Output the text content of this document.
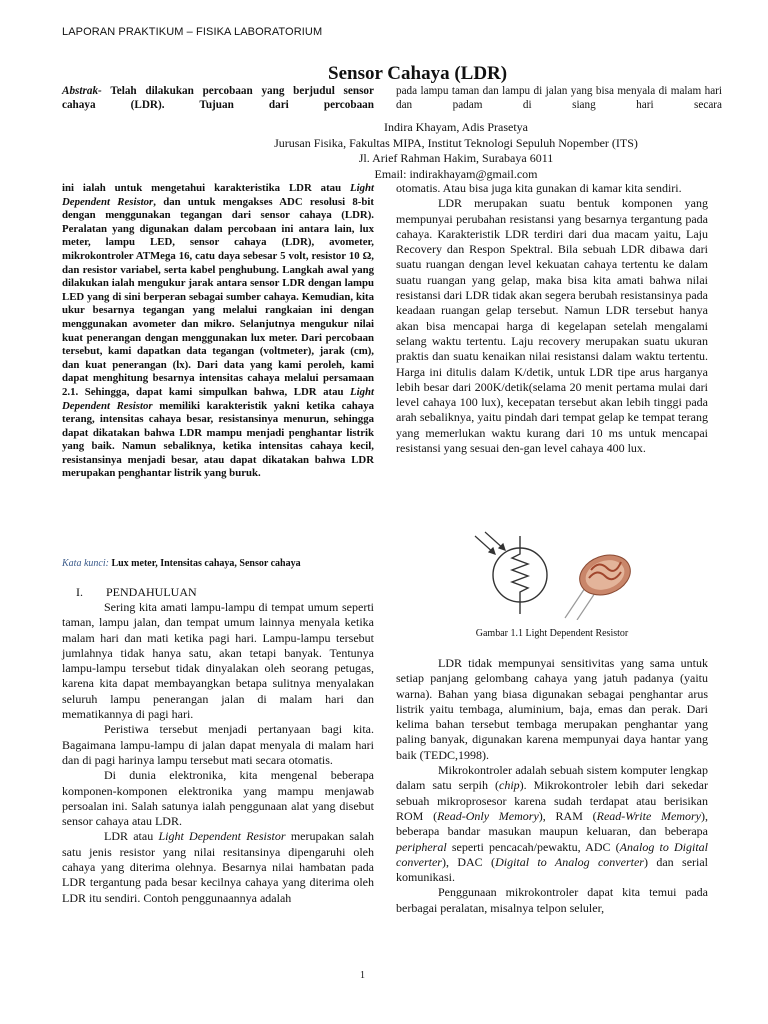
LAPORAN PRAKTIKUM – FISIKA LABORATORIUM
Sensor Cahaya (LDR)
Abstrak- Telah dilakukan percobaan yang berjudul sensor cahaya (LDR). Tujuan dari percobaan
pada lampu taman dan lampu di jalan yang bisa menyala di malam hari dan padam di siang hari secara
Indira Khayam, Adis Prasetya
Jurusan Fisika, Fakultas MIPA, Institut Teknologi Sepuluh Nopember (ITS)
Jl. Arief Rahman Hakim, Surabaya 6011
Email: indirakhayam@gmail.com

ini ialah untuk mengetahui karakteristika LDR atau Light Dependent Resistor, dan untuk mengakses ADC resolusi 8-bit dengan menggunakan tegangan dari sensor cahaya (LDR). Peralatan yang digunakan dalam percobaan ini antara lain, lux meter, lampu LED, sensor cahaya (LDR), avometer, mikrokontroler ATMega 16, catu daya sebesar 5 volt, resistor 10 Ω, dan resistor variabel, serta kabel penghubung. Langkah awal yang dilakukan ialah mengukur jarak antara sensor LDR dengan lampu LED yang di sini berperan sebagai sumber cahaya. Kemudian, kita ukur besarnya tegangan yang melalui rangkaian ini dengan menggunakan avometer dan mikro. Selanjutnya mengukur nilai kuat penerangan dengan menggunakan lux meter. Dari percobaan tersebut, kami dapatkan data tegangan (voltmeter), jarak (cm), dan kuat penerangan (lx). Dari data yang kami peroleh, kami dapat menghitung besarnya intensitas cahaya melalui persamaan 2.1. Sehingga, dapat kami simpulkan bahwa, LDR atau Light Dependent Resistor memiliki karakteristik yakni ketika cahaya terang, intensitas cahaya besar, resistansinya menurun, sehingga dapat dikatakan bahwa LDR mampu menjadi penghantar listrik yang baik. Namun sebaliknya, ketika intensitas cahaya kecil, resistansinya menjadi besar, atau dapat dikatakan bahwa LDR merupakan penghantar listrik yang buruk.

Kata kunci: Lux meter, Intensitas cahaya, Sensor cahaya
I. PENDAHULUAN

Sering kita amati lampu-lampu di tempat umum seperti taman, lampu jalan, dan tempat umum lainnya menyala ketika malam hari dan mati ketika pagi hari. Lampu-lampu tersebut jumlahnya tidak hanya satu, akan tetapi banyak. Tentunya lampu-lampu tersebut tidak dinyalakan oleh seorang petugas, karena kita dapat membayangkan betapa sulitnya menyalakan seluruh lampu penerangan jalan di malam hari dan mematikannya di pagi hari.

Peristiwa tersebut menjadi pertanyaan bagi kita. Bagaimana lampu-lampu di jalan dapat menyala di malam hari dan di pagi harinya lampu tersebut mati secara otomatis.

Di dunia elektronika, kita mengenal beberapa komponen-komponen elektronika yang mampu menjawab persoalan ini. Salah satunya ialah penggunaan alat yang disebut sensor cahaya atau LDR.

LDR atau Light Dependent Resistor merupakan salah satu jenis resistor yang nilai resitansinya dipengaruhi oleh cahaya yang diterima olehnya. Besarnya nilai hambatan pada LDR tergantung pada besar kecilnya cahaya yang diterima oleh LDR itu sendiri. Contoh penggunaannya adalah

otomatis. Atau bisa juga kita gunakan di kamar kita sendiri.

LDR merupakan suatu bentuk komponen yang mempunyai perubahan resistansi yang besarnya tergantung pada cahaya. Karakteristik LDR terdiri dari dua macam yaitu, Laju Recovery dan Respon Spektral. Bila sebuah LDR dibawa dari suatu ruangan dengan level kekuatan cahaya tertentu ke dalam suatu ruangan yang gelap, maka bisa kita amati bahwa nilai resistansi dari LDR tidak akan segera berubah resistansinya pada keadaan ruangan gelap tersebut. Namun LDR tersebut hanya akan bisa mencapai harga di kegelapan setelah mengalami selang waktu tertentu. Laju recovery merupakan suatu ukuran praktis dan suatu kenaikan nilai resistansi dalam waktu tertentu. Harga ini ditulis dalam K/detik, untuk LDR tipe arus harganya lebih besar dari 200K/detik(selama 20 menit pertama mulai dari level cahaya 100 lux), kecepatan tersebut akan lebih tinggi pada arah sebaliknya, yaitu pindah dari tempat gelap ke tempat terang yang memerlukan waktu kurang dari 10 ms untuk mencapai resistansi yang sesuai den-gan level cahaya 400 lux.

Gambar 1.1 Light Dependent Resistor

LDR tidak mempunyai sensitivitas yang sama untuk setiap panjang gelombang cahaya yang jatuh padanya (yaitu warna). Bahan yang biasa digunakan sebagai penghantar arus listrik yaitu tembaga, aluminium, baja, emas dan perak. Dari kelima bahan tersebut tembaga merupakan penghantar yang paling banyak, digunakan karena mempunyai daya hantar yang baik (TEDC,1998).

Mikrokontroler adalah sebuah sistem komputer lengkap dalam satu serpih (chip). Mikrokontroler lebih dari sekedar sebuah mikroprosesor karena sudah terdapat atau berisikan ROM (Read-Only Memory), RAM (Read-Write Memory), beberapa bandar masukan maupun keluaran, dan beberapa peripheral seperti pencacah/pewaktu, ADC (Analog to Digital converter), DAC (Digital to Analog converter) dan serial komunikasi.

Penggunaan mikrokontroler dapat kita temui pada berbagai peralatan, misalnya telpon seluler,

1
